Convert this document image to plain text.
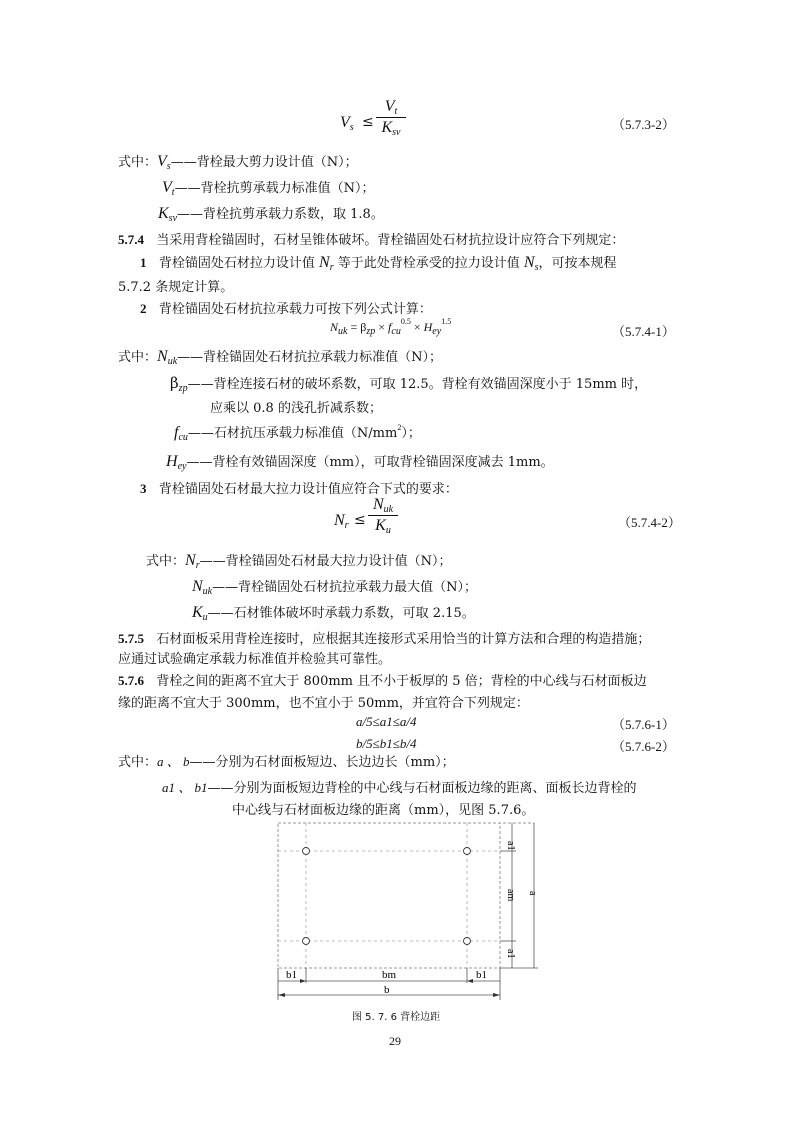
Vs ≤
Vt
Ksv
（5.7.3-2）
式中：Vs——背栓最大剪力设计值（N）；
Vt——背栓抗剪承载力标准值（N）；
Ksv——背栓抗剪承载力系数，取 1.8。
5.7.4 当采用背栓锚固时，石材呈锥体破坏。背栓锚固处石材抗拉设计应符合下列规定：
1 背栓锚固处石材拉力设计值 Nr 等于此处背栓承受的拉力设计值 Ns，可按本规程
5.7.2 条规定计算。
2 背栓锚固处石材抗拉承载力可按下列公式计算：
$N_{uk} = \beta_{zp} \times f_{cu}^{0.5} \times H_{ey}^{1.5}$
（5.7.4-1）
式中：Nuk——背栓锚固处石材抗拉承载力标准值（N）；
$\beta_{zp}——$背栓连接石材的破坏系数，可取 12.5。背栓有效锚固深度小于 15mm 时，
应乘以 0.8 的浅孔折减系数；
fcu——石材抗压承载力标准值$(N/mm^2)$；
Hey——背栓有效锚固深度（mm），可取背栓锚固深度减去 1mm。
3 背栓锚固处石材最大拉力设计值应符合下式的要求：
Nr ≤
Nuk
Ku
（5.7.4-2）
式中：Nr——背栓锚固处石材最大拉力设计值（N）；
Nuk——背栓锚固处石材抗拉承载力最大值（N）；
Ku——石材锥体破坏时承载力系数，可取 2.15。
5.7.5 石材面板采用背栓连接时，应根据其连接形式采用恰当的计算方法和合理的构造措施；
应通过试验确定承载力标准值并检验其可靠性。
5.7.6 背栓之间的距离不宜大于 800mm 且不小于板厚的 5 倍；背栓的中心线与石材面板边
缘的距离不宜大于 300mm，也不宜小于 50mm，并宜符合下列规定：
a/5≤a1≤a/4	（5.7.6-1）
b/5≤b1≤b/4	（5.7.6-2）
式中：a 、 b——分别为石材面板短边、长边边长（mm）；
a1 、 b1——分别为面板短边背栓的中心线与石材面板边缘的距离、面板长边背栓的
中心线与石材面板边缘的距离（mm），见图 5.7.6。
b1	bm	b1
b
a1
am a
a1
图 5. 7. 6 背栓边距
29
